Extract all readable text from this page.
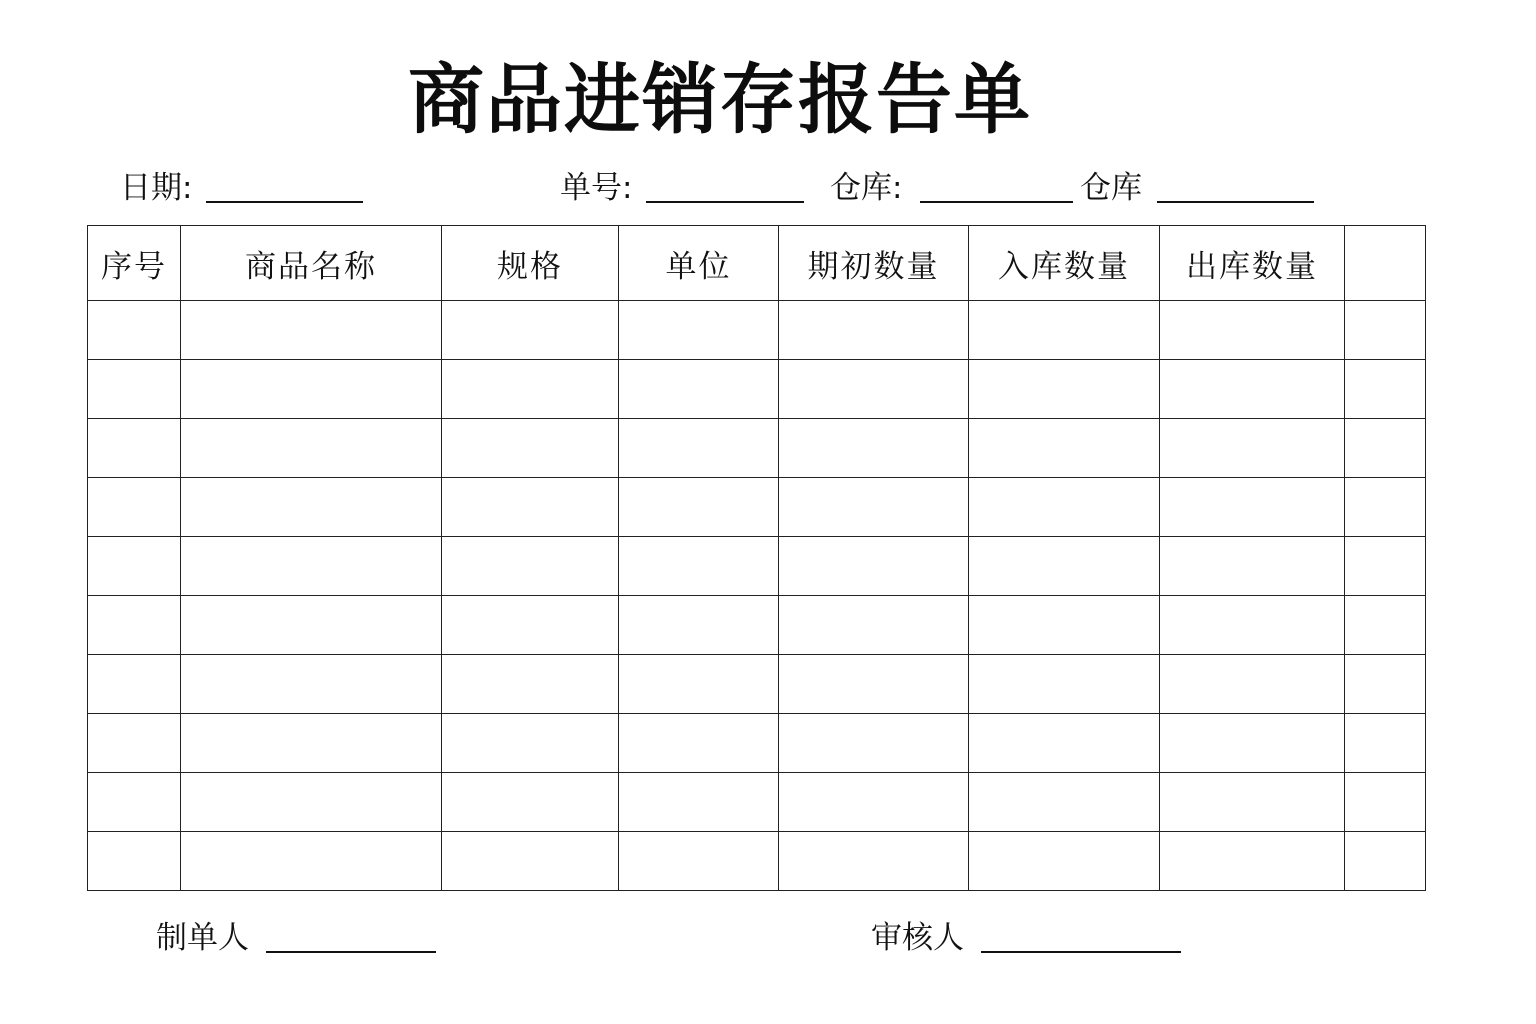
商品进销存报告单
日期:	单号:	仓库:	仓库
序号	商品名称	规格	单位	期初数量	入库数量	出库数量	

制单人	审核人
